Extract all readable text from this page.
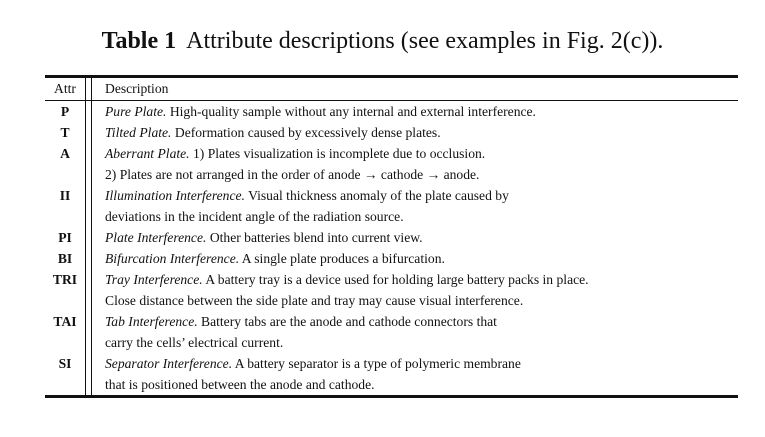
Table 1 Attribute descriptions (see examples in Fig. 2(c)).
Attr		Description
P		Pure Plate. High-quality sample without any internal and external interference.
T		Tilted Plate. Deformation caused by excessively dense plates.
A		Aberrant Plate. 1) Plates visualization is incomplete due to occlusion.
		2) Plates are not arranged in the order of anode → cathode → anode.
II		Illumination Interference. Visual thickness anomaly of the plate caused by
		deviations in the incident angle of the radiation source.
PI		Plate Interference. Other batteries blend into current view.
BI		Bifurcation Interference. A single plate produces a bifurcation.
TRI		Tray Interference. A battery tray is a device used for holding large battery packs in place.
		Close distance between the side plate and tray may cause visual interference.
TAI		Tab Interference. Battery tabs are the anode and cathode connectors that
		carry the cells’ electrical current.
SI		Separator Interference. A battery separator is a type of polymeric membrane
		that is positioned between the anode and cathode.
